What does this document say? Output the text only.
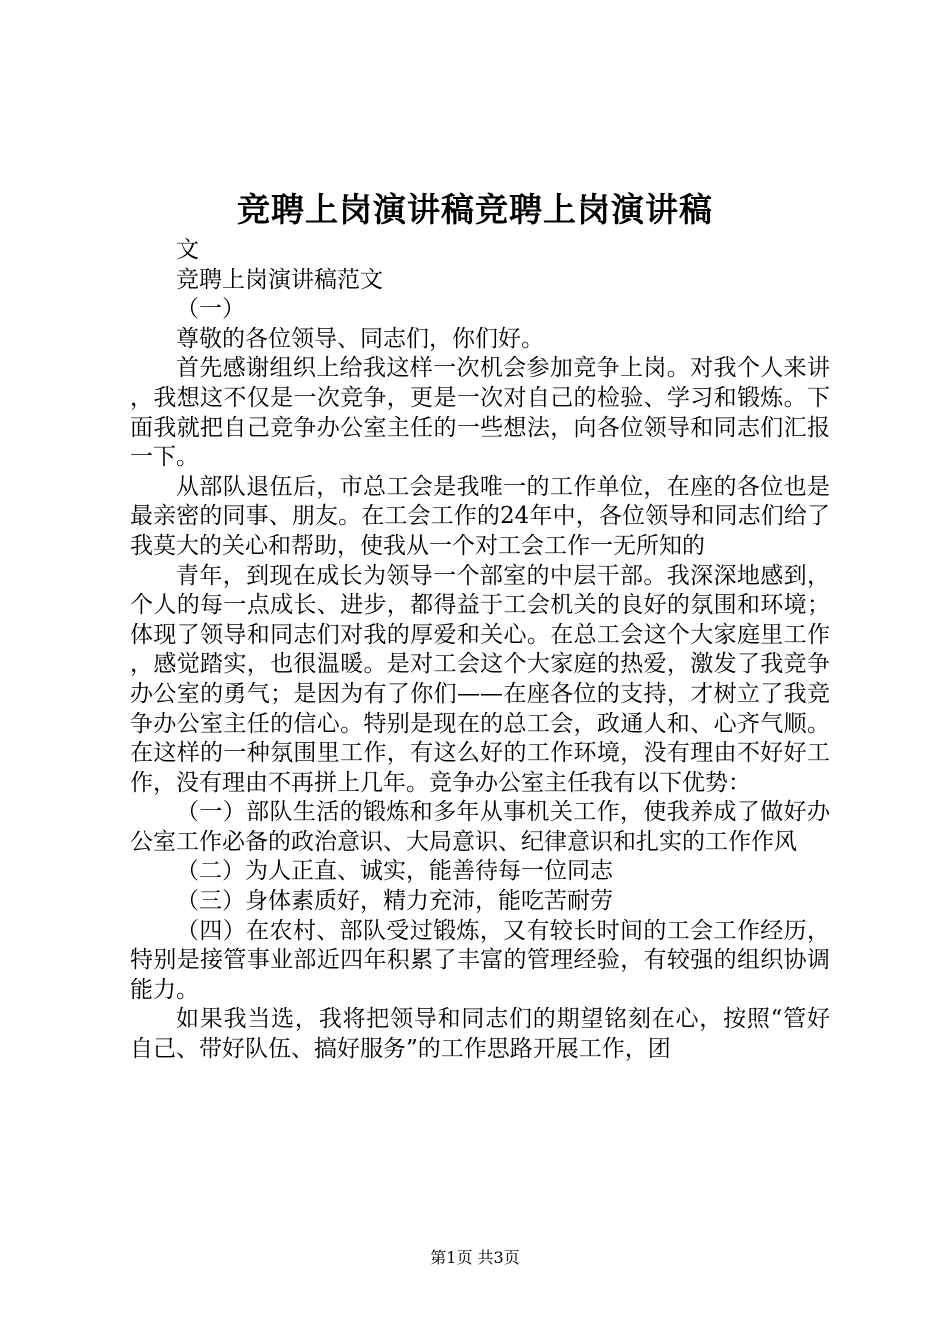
竞聘上岗演讲稿竞聘上岗演讲稿

文

竞聘上岗演讲稿范文

（一）

尊敬的各位领导、同志们，你们好。

首先感谢组织上给我这样一次机会参加竞争上岗。对我个人来讲，我想这不仅是一次竞争，更是一次对自己的检验、学习和锻炼。下面我就把自己竞争办公室主任的一些想法，向各位领导和同志们汇报一下。

从部队退伍后，市总工会是我唯一的工作单位，在座的各位也是最亲密的同事、朋友。在工会工作的24年中，各位领导和同志们给了我莫大的关心和帮助，使我从一个对工会工作一无所知的

青年，到现在成长为领导一个部室的中层干部。我深深地感到，个人的每一点成长、进步，都得益于工会机关的良好的氛围和环境；体现了领导和同志们对我的厚爱和关心。在总工会这个大家庭里工作，感觉踏实，也很温暖。是对工会这个大家庭的热爱，激发了我竞争办公室的勇气；是因为有了你们——在座各位的支持，才树立了我竞争办公室主任的信心。特别是现在的总工会，政通人和、心齐气顺。在这样的一种氛围里工作，有这么好的工作环境，没有理由不好好工作，没有理由不再拼上几年。竞争办公室主任我有以下优势：

（一）部队生活的锻炼和多年从事机关工作，使我养成了做好办公室工作必备的政治意识、大局意识、纪律意识和扎实的工作作风

（二）为人正直、诚实，能善待每一位同志

（三）身体素质好，精力充沛，能吃苦耐劳

（四）在农村、部队受过锻炼，又有较长时间的工会工作经历，特别是接管事业部近四年积累了丰富的管理经验，有较强的组织协调能力。

如果我当选，我将把领导和同志们的期望铭刻在心，按照“管好自己、带好队伍、搞好服务”的工作思路开展工作，团

第1页 共3页
